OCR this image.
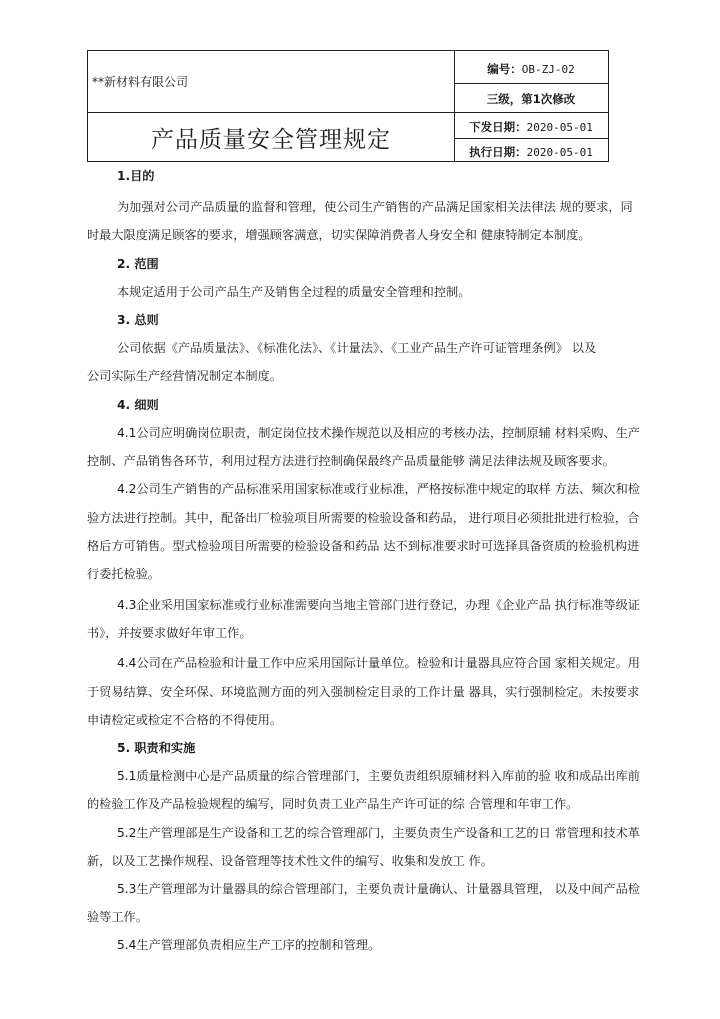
**新材料有限公司
产品质量安全管理规定
编号：OB-ZJ-02
三级，第1次修改
下发日期：2020-05-01
执行日期：2020-05-01
1.目的
为加强对公司产品质量的监督和管理，使公司生产销售的产品满足国家相关法律法 规的要求，同
时最大限度满足顾客的要求，增强顾客满意，切实保障消费者人身安全和 健康特制定本制度。
2. 范围
本规定适用于公司产品生产及销售全过程的质量安全管理和控制。
3. 总则
公司依据《产品质量法》、《标准化法》、《计量法》、《工业产品生产许可证管理条例》 以及
公司实际生产经营情况制定本制度。
4. 细则
4.1公司应明确岗位职责，制定岗位技术操作规范以及相应的考核办法，控制原辅 材料采购、生产
控制、产品销售各环节，利用过程方法进行控制确保最终产品质量能够 满足法律法规及顾客要求。
4.2公司生产销售的产品标准采用国家标准或行业标准，严格按标准中规定的取样 方法、频次和检
验方法进行控制。其中，配备出厂检验项目所需要的检验设备和药品， 进行项目必须批批进行检验，合
格后方可销售。型式检验项目所需要的检验设备和药品 达不到标准要求时可选择具备资质的检验机构进
行委托检验。
4.3企业采用国家标准或行业标准需要向当地主管部门进行登记，办理《企业产品 执行标准等级证
书》，并按要求做好年审工作。
4.4公司在产品检验和计量工作中应采用国际计量单位。检验和计量器具应符合国 家相关规定。用
于贸易结算、安全环保、环境监测方面的列入强制检定目录的工作计量 器具，实行强制检定。未按要求
申请检定或检定不合格的不得使用。
5. 职责和实施
5.1质量检测中心是产品质量的综合管理部门，主要负责组织原辅材料入库前的验 收和成品出库前
的检验工作及产品检验规程的编写，同时负责工业产品生产许可证的综 合管理和年审工作。
5.2生产管理部是生产设备和工艺的综合管理部门，主要负责生产设备和工艺的日 常管理和技术革
新，以及工艺操作规程、设备管理等技术性文件的编写、收集和发放工 作。
5.3生产管理部为计量器具的综合管理部门，主要负责计量确认、计量器具管理， 以及中间产品检
验等工作。
5.4生产管理部负责相应生产工序的控制和管理。
